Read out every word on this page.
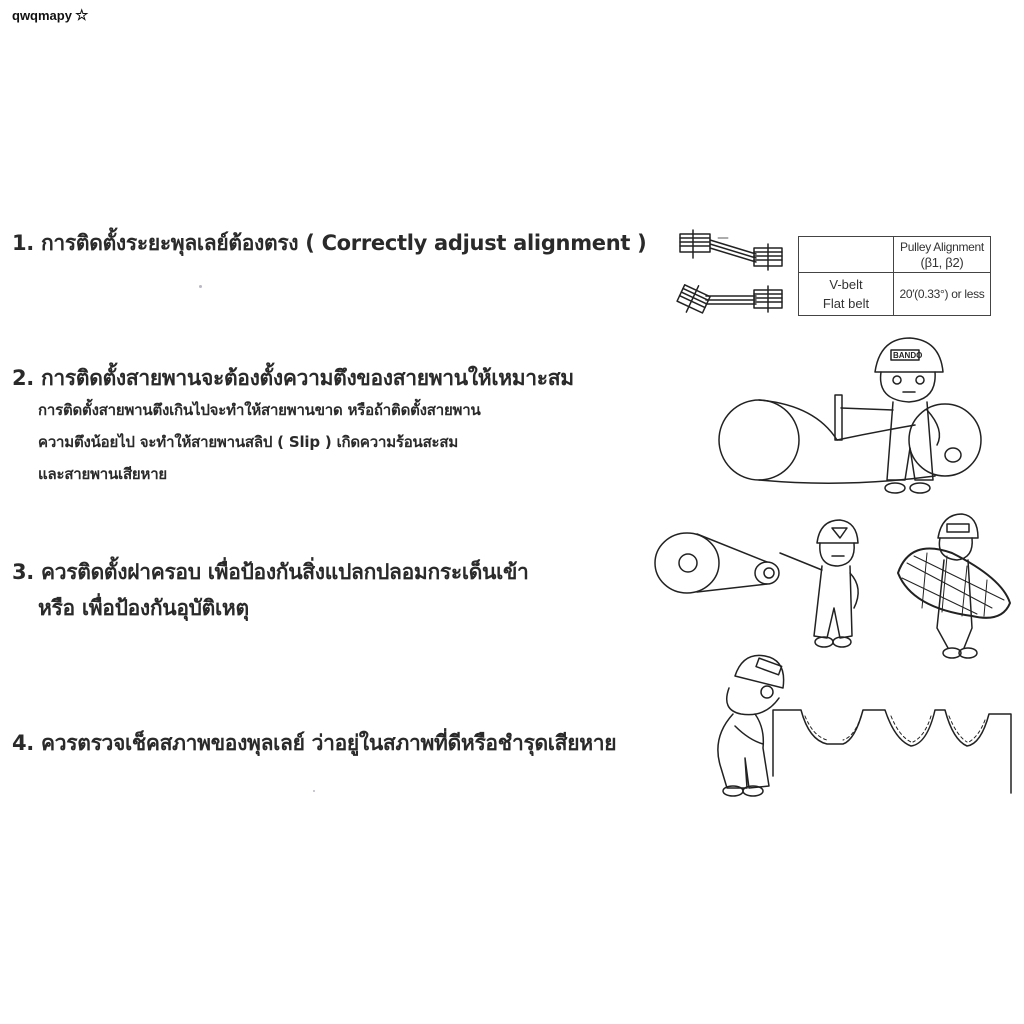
qwqmapy ☆
1. การติดตั้งระยะพุลเลย์ต้องตรง ( Correctly adjust alignment )

	Pulley Alignment
(β1, β2)

V-belt
Flat belt	20′(0.33°) or less
2. การติดตั้งสายพานจะต้องตั้งความตึงของสายพานให้เหมาะสม
การติดตั้งสายพานตึงเกินไปจะทำให้สายพานขาด หรือถ้าติดตั้งสายพาน
ความตึงน้อยไป จะทำให้สายพานสลิป ( Slip ) เกิดความร้อนสะสม
และสายพานเสียหาย
BANDO
3. ควรติดตั้งฝาครอบ เพื่อป้องกันสิ่งแปลกปลอมกระเด็นเข้า
หรือ เพื่อป้องกันอุบัติเหตุ
4. ควรตรวจเช็คสภาพของพุลเลย์ ว่าอยู่ในสภาพที่ดีหรือชำรุดเสียหาย
